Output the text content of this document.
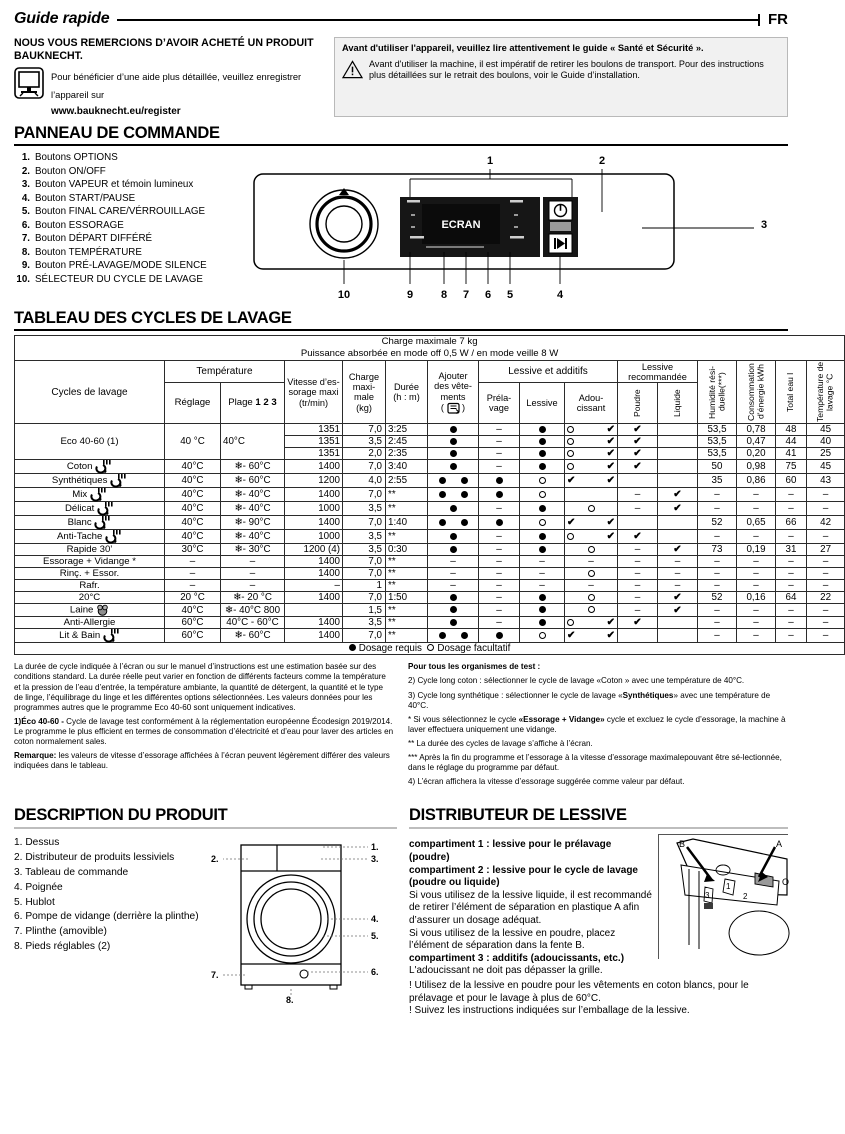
Guide rapide	FR
NOUS VOUS REMERCIONS D’AVOIR ACHETÉ UN PRODUIT BAUKNECHT.
Pour bénéficier d’une aide plus détaillée, veuillez enregistrer l’appareil sur
www.bauknecht.eu/register
Avant d'utiliser l'appareil, veuillez lire attentivement le guide « Santé et Sécurité ».
Avant d'utiliser la machine, il est impératif de retirer les boulons de transport. Pour des instructions plus détaillées sur le retrait des boulons, voir le Guide d’installation.
PANNEAU DE COMMANDE
1. Boutons OPTIONS
2. Bouton ON/OFF
3. Bouton VAPEUR et témoin lumineux
4. Bouton START/PAUSE
5. Bouton FINAL CARE/VÉRROUILLAGE
6. Bouton ESSORAGE
7. Bouton DÉPART DIFFÉRÉ
8. Bouton TEMPÉRATURE
9. Bouton PRÉ-LAVAGE/MODE SILENCE
10. SÉLECTEUR DU CYCLE DE LAVAGE
1	2
3
ECRAN
10	9	8 7 6 5	4
TABLEAU DES CYCLES DE LAVAGE
Charge maximale 7 kg
Puissance absorbée en mode off 0,5 W / en mode veille 8 W															
Cycles de lavage	Température		Vitesse d’es-
sorage maxi
(tr/min)	Charge
maxi-
male
(kg)	Durée
(h : m)	Ajouter
des vête-
ments
(  )	Lessive et additifs			Lessive recommandée		Humidité rési-
duelle(***)	Consommation
d’énergie kWh	Total eau l	Température de
lavage °C

	Réglage	Plage 1 2 3					Préla-
vage	Lessive	Adou-
cissant	Poudre	Liquide				

Eco 40-60 (1)	40 °C	40°C	1351	7,0	3:25		–		✔	✔		53,5	0,78	48	45
			1351	3,5	2:45		–		✔	✔		53,5	0,47	44	40
			1351	2,0	2:35		–		✔	✔		53,5	0,20	41	25
Coton	40°C	❄- 60°C	1400	7,0	3:40		–		✔	✔		50	0,98	75	45
Synthétiques	40°C	❄- 60°C	1200	4,0	2:55				✔ ✔			35	0,86	60	43
Mix	40°C	❄- 40°C	1400	7,0	**					–	✔	–	–	–	–
Délicat	40°C	❄- 40°C	1000	3,5	**		–			–	✔	–	–	–	–
Blanc	40°C	❄- 90°C	1400	7,0	1:40				✔ ✔			52	0,65	66	42
Anti-Tache	40°C	❄- 40°C	1000	3,5	**		–		✔	✔		–	–	–	–
Rapide 30’	30°C	❄- 30°C	1200 (4)	3,5	0:30		–			–	✔	73	0,19	31	27
Essorage + Vidange *	–	–	1400	7,0	**	–	–	–	–	–	–	–	–	–	–
Rinç. + Essor.	–	–	1400	7,0	**	–	–	–		–	–	–	–	–	–
Rafr.	–	–	–	1	**	–	–	–	–	–	–	–	–	–	–
20°C	20 °C	❄- 20 °C	1400	7,0	1:50		–			–	✔	52	0,16	64	22
Laine	40°C	❄- 40°C 800		1,5	**		–			–	✔	–	–	–	–
Anti-Allergie	60°C	40°C - 60°C	1400	3,5	**		–		✔	✔		–	–	–	–
Lit & Bain	60°C	❄- 60°C	1400	7,0	**				✔ ✔			–	–	–	–
Dosage requis Dosage facultatif															

La durée de cycle indiquée à l’écran ou sur le manuel d’instructions est une estimation basée sur des conditions standard. La durée réelle peut varier en fonction de différents facteurs comme la température et la pression de l’eau d’entrée, la température ambiante, la quantité de détergent, la quantité et le type de linge, l’équilibrage du linge et les différentes options sélectionnées. Les valeurs données pour les programmes autres que le programme Eco 40-60 sont uniquement indicatives.

1)Éco 40-60 - Cycle de lavage test conformément à la réglementation européenne Écodesign 2019/2014. Le programme le plus efficient en termes de consommation d’électricité et d’eau pour laver des articles en coton normalement sales.

Remarque: les valeurs de vitesse d’essorage affichées à l’écran peuvent légèrement différer des valeurs indiquées dans le tableau.

Pour tous les organismes de test :

2) Cycle long coton : sélectionner le cycle de lavage «Coton » avec une température de 40°C.

3) Cycle long synthétique : sélectionner le cycle de lavage «Synthétiques» avec une température de 40°C.

* Si vous sélectionnez le cycle «Essorage + Vidange» cycle et excluez le cycle d’essorage, la machine à laver effectuera uniquement une vidange.

** La durée des cycles de lavage s’affiche à l’écran.

*** Après la fin du programme et l’essorage à la vitesse d’essorage maximalepouvant être sé-lectionnée, dans le réglage du programme par défaut.

4) L’écran affichera la vitesse d’essorage suggérée comme valeur par défaut.

DESCRIPTION DU PRODUIT
1. Dessus
2. Distributeur de produits lessiviels
3. Tableau de commande
4. Poignée
5. Hublot
6. Pompe de vidange (derrière la plinthe)
7. Plinthe (amovible)
8. Pieds réglables (2)
1.
2.	3.
4.
5.
6.
7.
8.
DISTRIBUTEUR DE LESSIVE
compartiment 1 : lessive pour le prélavage (poudre)
compartiment 2 : lessive pour le cycle de lavage (poudre ou liquide)
Si vous utilisez de la lessive liquide, il est recommandé de retirer l’élément de séparation en plastique A afin d’assurer un dosage adéquat.
Si vous utilisez de la lessive en poudre, placez l’élément de séparation dans la fente B.
compartiment 3 : additifs (adoucissants, etc.)
L'adoucissant ne doit pas dépasser la grille.
B	A
1
2
3
O
! Utilisez de la lessive en poudre pour les vêtements en coton blancs, pour le prélavage et pour le lavage à plus de 60°C.
! Suivez les instructions indiquées sur l’emballage de la lessive.
